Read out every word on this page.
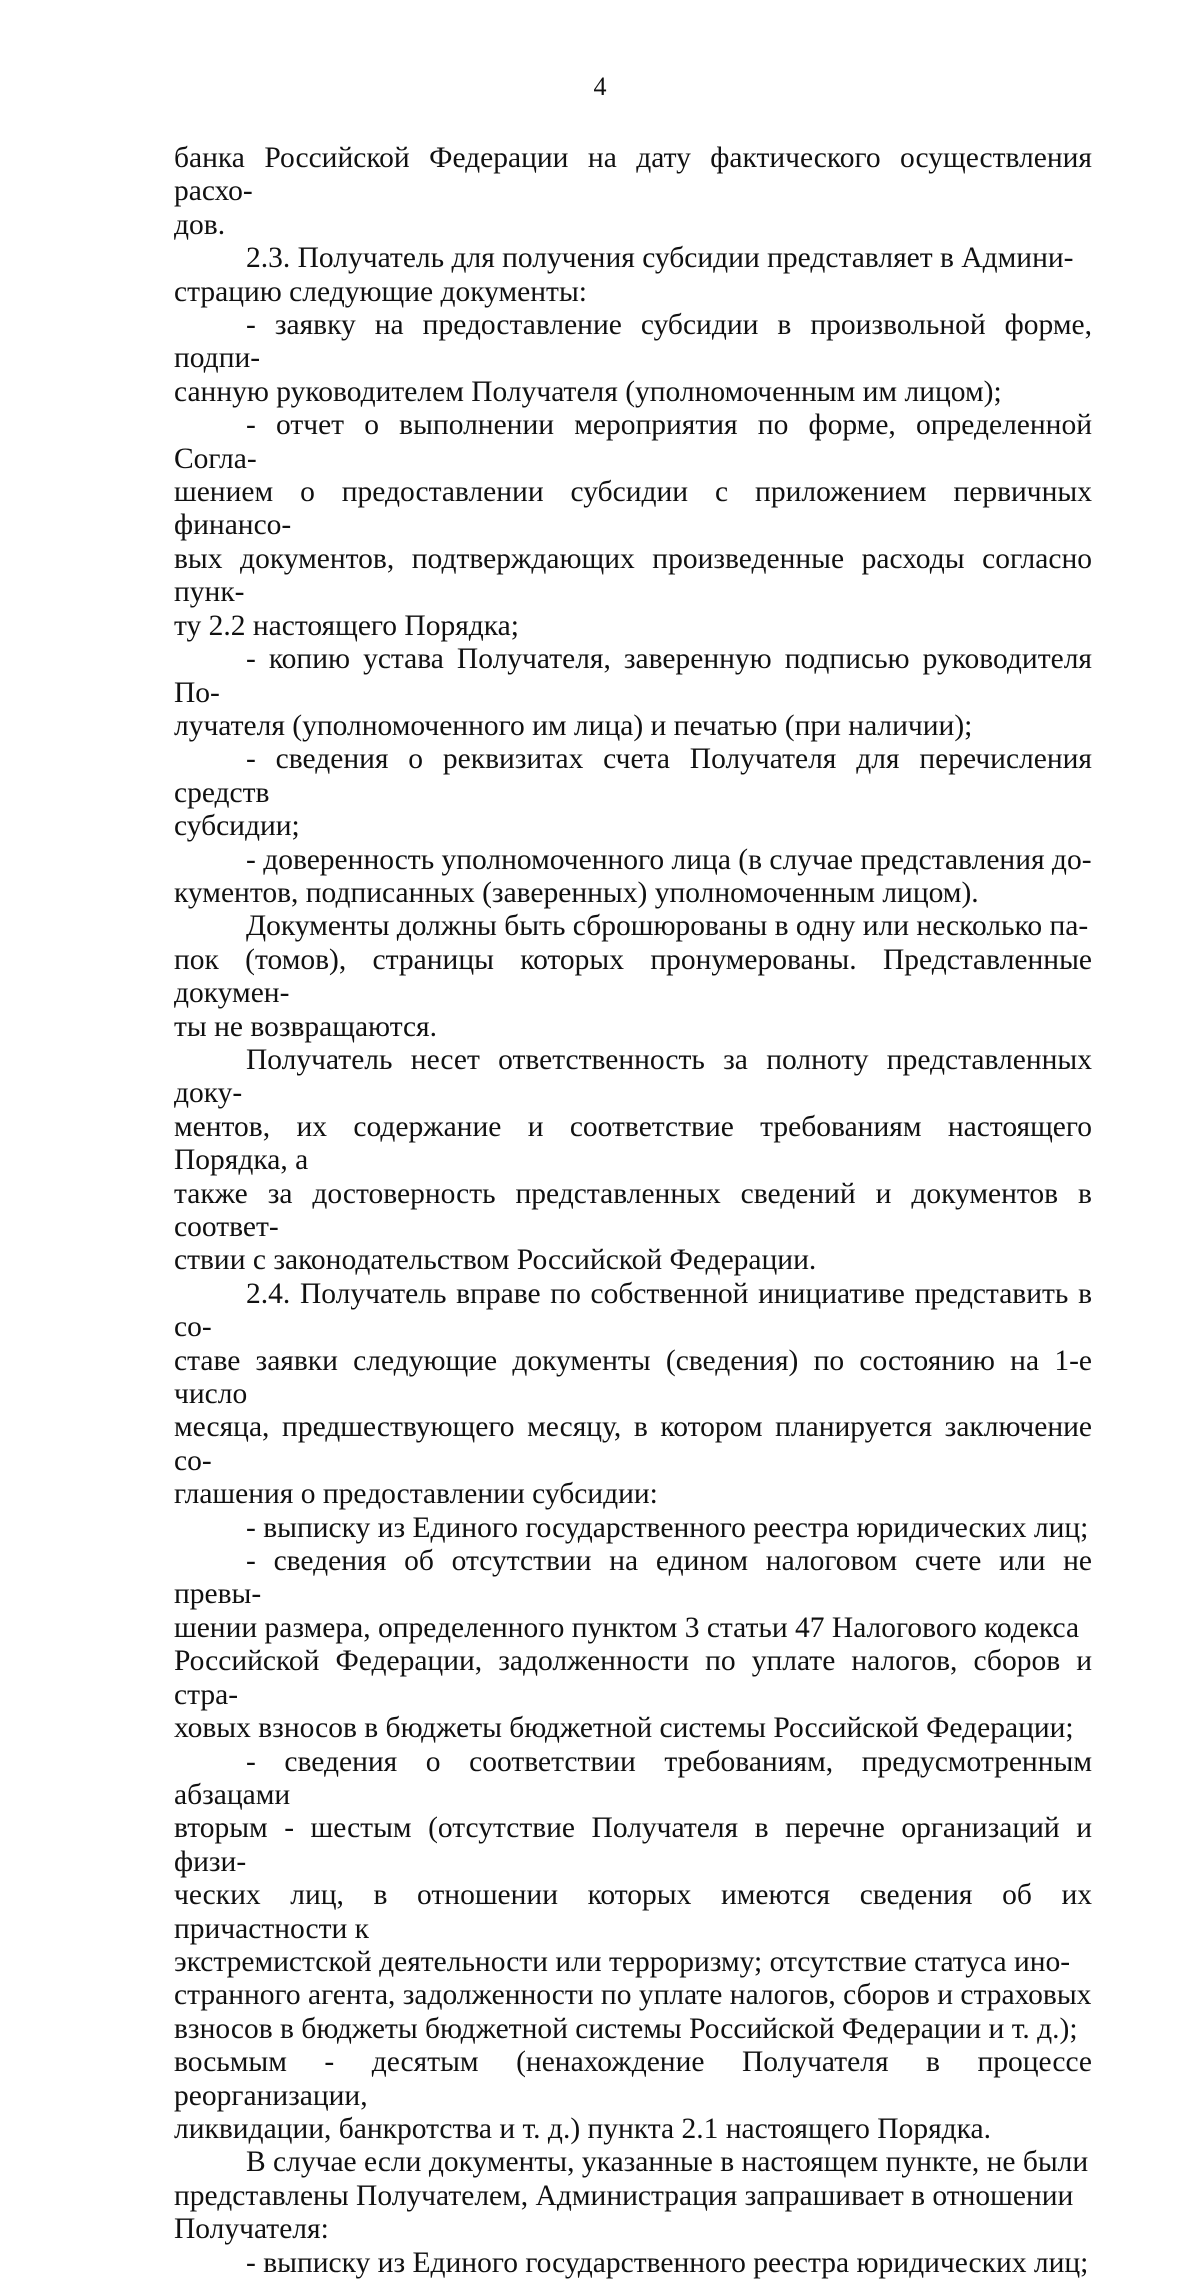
4

банка Российской Федерации на дату фактического осуществления расхо-
дов.

2.3. Получатель для получения субсидии представляет в Админи-
страцию следующие документы:

- заявку на предоставление субсидии в произвольной форме, подпи-
санную руководителем Получателя (уполномоченным им лицом);

- отчет о выполнении мероприятия по форме, определенной Согла-
шением о предоставлении субсидии с приложением первичных финансо-
вых документов, подтверждающих произведенные расходы согласно пунк-
ту 2.2 настоящего Порядка;

- копию устава Получателя, заверенную подписью руководителя По-
лучателя (уполномоченного им лица) и печатью (при наличии);

- сведения о реквизитах счета Получателя для перечисления средств
субсидии;

- доверенность уполномоченного лица (в случае представления до-
кументов, подписанных (заверенных) уполномоченным лицом).

Документы должны быть сброшюрованы в одну или несколько па-
пок (томов), страницы которых пронумерованы. Представленные докумен-
ты не возвращаются.

Получатель несет ответственность за полноту представленных доку-
ментов, их содержание и соответствие требованиям настоящего Порядка, а
также за достоверность представленных сведений и документов в соответ-
ствии с законодательством Российской Федерации.

2.4. Получатель вправе по собственной инициативе представить в со-
ставе заявки следующие документы (сведения) по состоянию на 1-е число
месяца, предшествующего месяцу, в котором планируется заключение со-
глашения о предоставлении субсидии:

- выписку из Единого государственного реестра юридических лиц;

- сведения об отсутствии на едином налоговом счете или не превы-
шении размера, определенного пунктом 3 статьи 47 Налогового кодекса
Российской Федерации, задолженности по уплате налогов, сборов и стра-
ховых взносов в бюджеты бюджетной системы Российской Федерации;

- сведения о соответствии требованиям, предусмотренным абзацами
вторым - шестым (отсутствие Получателя в перечне организаций и физи-
ческих лиц, в отношении которых имеются сведения об их причастности к
экстремистской деятельности или терроризму; отсутствие статуса ино-
странного агента, задолженности по уплате налогов, сборов и страховых
взносов в бюджеты бюджетной системы Российской Федерации и т. д.);
восьмым - десятым (ненахождение Получателя в процессе реорганизации,
ликвидации, банкротства и т. д.) пункта 2.1 настоящего Порядка.

В случае если документы, указанные в настоящем пункте, не были
представлены Получателем, Администрация запрашивает в отношении
Получателя:

- выписку из Единого государственного реестра юридических лиц;
